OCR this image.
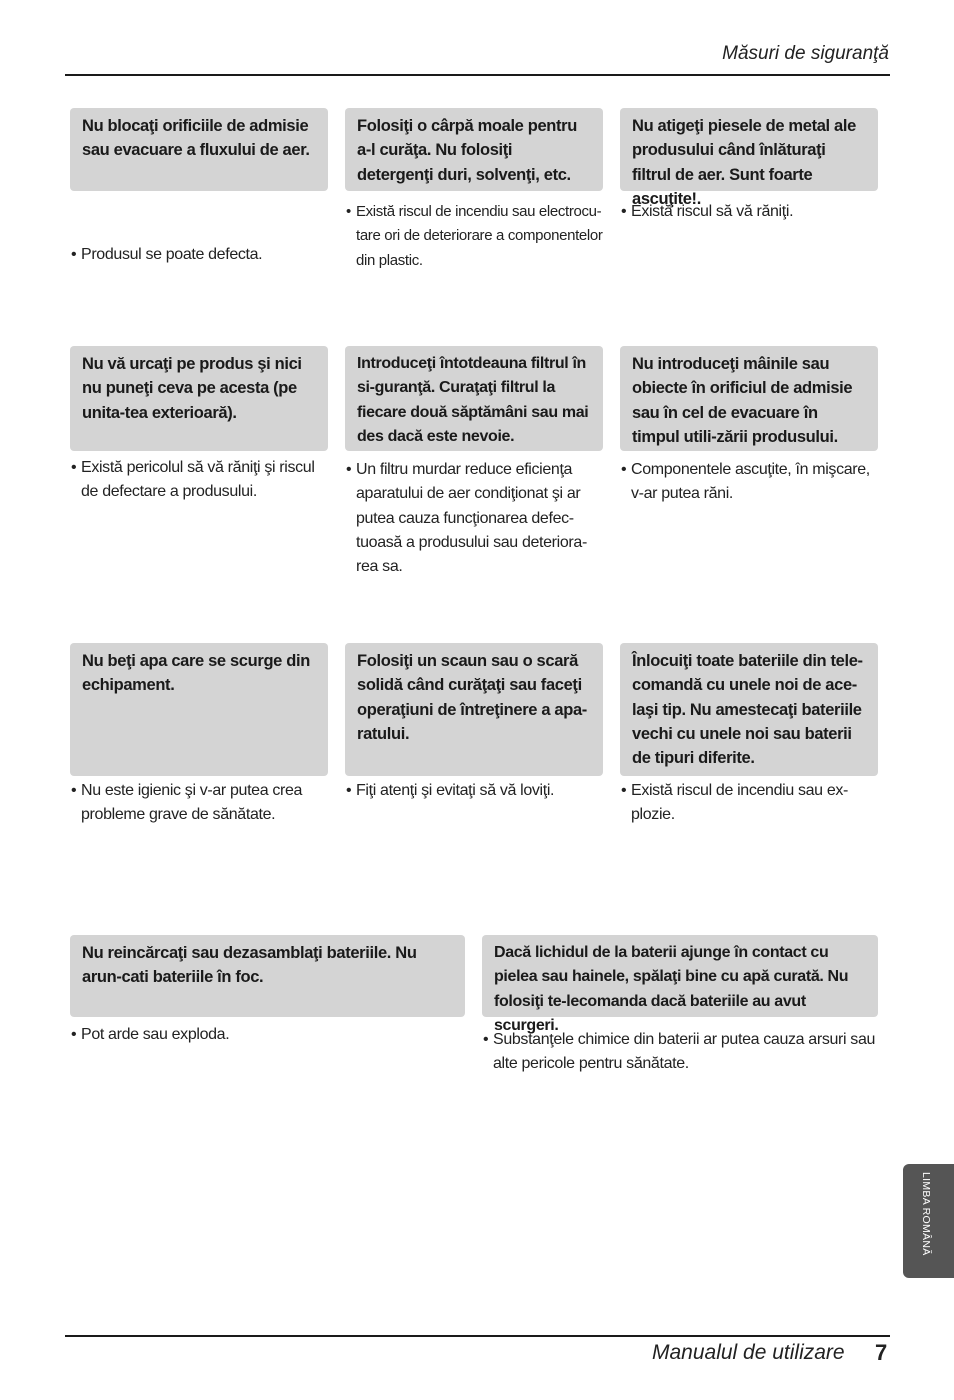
Măsuri de siguranţă
Nu blocaţi orificiile de admisie sau evacuare a fluxului de aer.
• Produsul se poate defecta.
Folosiţi o cârpă moale pentru a-l curăţa. Nu folosiţi detergenţi duri, solvenţi, etc.
• Există riscul de incendiu sau electrocu-tare ori de deteriorare a componentelor din plastic.
Nu atigeţi piesele de metal ale produsului când înlăturaţi filtrul de aer. Sunt foarte ascuţite!.
• Există riscul să vă răniţi.
Nu vă urcaţi pe produs şi nici nu puneţi ceva pe acesta (pe unita-tea exterioară).
• Există pericolul să vă răniţi şi riscul de defectare a produsului.
Introduceţi întotdeauna filtrul în si-guranţă. Curaţaţi filtrul la fiecare două săptămâni sau mai des dacă este nevoie.
• Un filtru murdar reduce eficienţa aparatului de aer condiţionat şi ar putea cauza funcţionarea defec-tuoasă a produsului sau deteriora-rea sa.
Nu introduceţi mâinile sau obiecte în orificiul de admisie sau în cel de evacuare în timpul utili-zării produsului.
• Componentele ascuţite, în mişcare, v-ar putea răni.
Nu beţi apa care se scurge din echipament.
• Nu este igienic şi v-ar putea crea probleme grave de sănătate.
Folosiţi un scaun sau o scară solidă când curăţaţi sau faceţi operaţiuni de întreţinere a apa-ratului.
• Fiţi atenţi şi evitaţi să vă loviţi.
Înlocuiţi toate bateriile din tele-comandă cu unele noi de ace-laşi tip. Nu amestecaţi bateriile vechi cu unele noi sau baterii de tipuri diferite.
• Există riscul de incendiu sau ex-plozie.
Nu reincărcaţi sau dezasamblaţi bateriile. Nu arun-cati bateriile în foc.
• Pot arde sau exploda.
Dacă lichidul de la baterii ajunge în contact cu pielea sau hainele, spălaţi bine cu apă curată. Nu folosiţi te-lecomanda dacă bateriile au avut scurgeri.
• Substanţele chimice din baterii ar putea cauza arsuri sau alte pericole pentru sănătate.
LIMBA ROMÂNĂ
Manualul de utilizare 7
